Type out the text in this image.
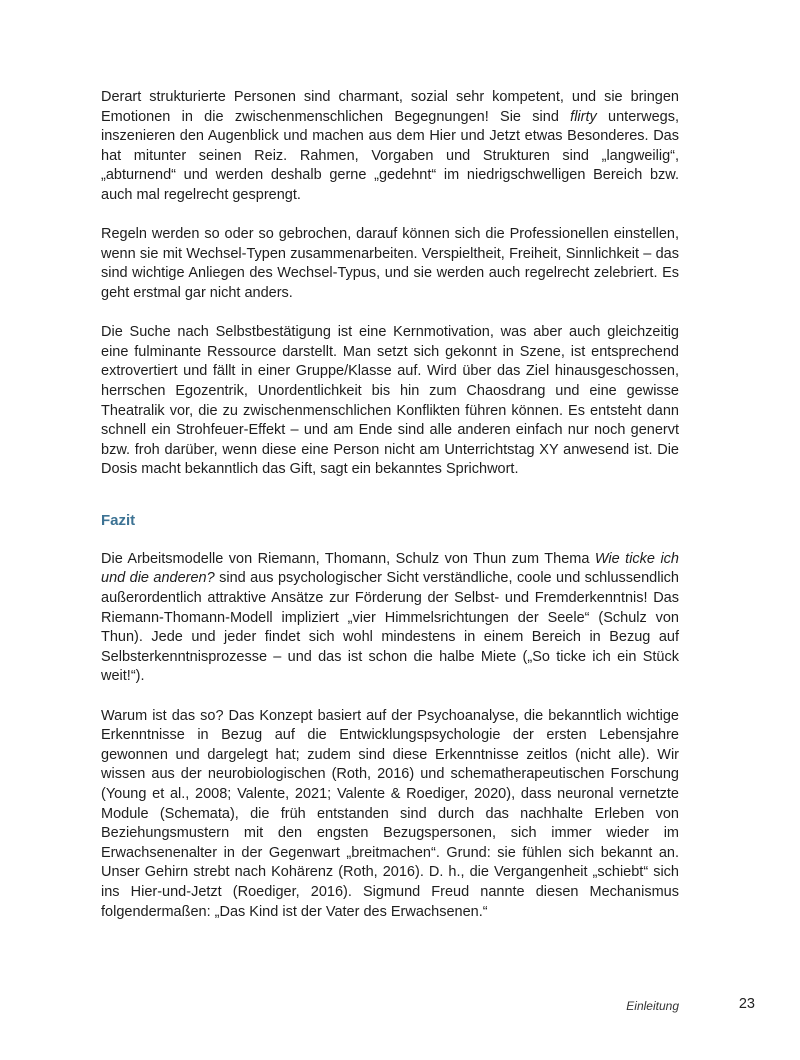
Derart strukturierte Personen sind charmant, sozial sehr kompetent, und sie bringen Emotionen in die zwischenmenschlichen Begegnungen! Sie sind flirty unterwegs, inszenieren den Augenblick und machen aus dem Hier und Jetzt etwas Besonderes. Das hat mitunter seinen Reiz. Rahmen, Vorgaben und Strukturen sind „langweilig“, „abturnend“ und werden deshalb gerne „gedehnt“ im niedrigschwelligen Bereich bzw. auch mal regelrecht gesprengt.

Regeln werden so oder so gebrochen, darauf können sich die Professionellen einstellen, wenn sie mit Wechsel-Typen zusammenarbeiten. Verspieltheit, Freiheit, Sinnlichkeit – das sind wichtige Anliegen des Wechsel-Typus, und sie werden auch regelrecht zelebriert. Es geht erstmal gar nicht anders.

Die Suche nach Selbstbestätigung ist eine Kernmotivation, was aber auch gleichzeitig eine fulminante Ressource darstellt. Man setzt sich gekonnt in Szene, ist entsprechend extrovertiert und fällt in einer Gruppe/Klasse auf. Wird über das Ziel hinausgeschossen, herrschen Egozentrik, Unordentlichkeit bis hin zum Chaosdrang und eine gewisse Theatralik vor, die zu zwischenmenschlichen Konflikten führen können. Es entsteht dann schnell ein Strohfeuer-Effekt – und am Ende sind alle anderen einfach nur noch genervt bzw. froh darüber, wenn diese eine Person nicht am Unterrichtstag XY anwesend ist. Die Dosis macht bekanntlich das Gift, sagt ein bekanntes Sprichwort.

Fazit

Die Arbeitsmodelle von Riemann, Thomann, Schulz von Thun zum Thema Wie ticke ich und die anderen? sind aus psychologischer Sicht verständliche, coole und schlussendlich außerordentlich attraktive Ansätze zur Förderung der Selbst- und Fremderkenntnis! Das Riemann-Thomann-Modell impliziert „vier Himmelsrichtungen der Seele“ (Schulz von Thun). Jede und jeder findet sich wohl mindestens in einem Bereich in Bezug auf Selbsterkenntnisprozesse – und das ist schon die halbe Miete („So ticke ich ein Stück weit!“).

Warum ist das so? Das Konzept basiert auf der Psychoanalyse, die bekanntlich wichtige Erkenntnisse in Bezug auf die Entwicklungspsychologie der ersten Lebensjahre gewonnen und dargelegt hat; zudem sind diese Erkenntnisse zeitlos (nicht alle). Wir wissen aus der neurobiologischen (Roth, 2016) und schematherapeutischen Forschung (Young et al., 2008; Valente, 2021; Valente & Roediger, 2020), dass neuronal vernetzte Module (Schemata), die früh entstanden sind durch das nachhalte Erleben von Beziehungsmustern mit den engsten Bezugspersonen, sich immer wieder im Erwachsenenalter in der Gegenwart „breitmachen“. Grund: sie fühlen sich bekannt an. Unser Gehirn strebt nach Kohärenz (Roth, 2016). D. h., die Vergangenheit „schiebt“ sich ins Hier-und-Jetzt (Roediger, 2016). Sigmund Freud nannte diesen Mechanismus folgendermaßen: „Das Kind ist der Vater des Erwachsenen.“

Einleitung	23
